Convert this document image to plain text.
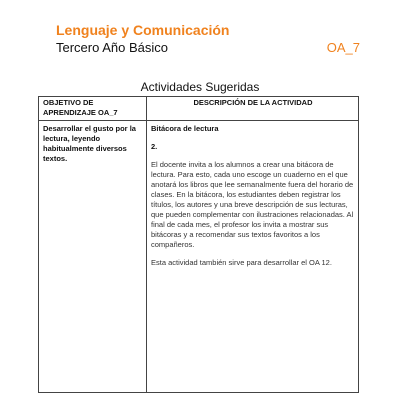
Lenguaje y Comunicación
Tercero Año Básico	OA_7
Actividades Sugeridas
OBJETIVO DE APRENDIZAJE OA_7	DESCRIPCIÓN DE LA ACTIVIDAD
Desarrollar el gusto por la lectura, leyendo habitualmente diversos textos.	Bitácora de lectura
2.
El docente invita a los alumnos a crear una bitácora de lectura. Para esto, cada uno escoge un cuaderno en el que anotará los libros que lee semanalmente fuera del horario de clases. En la bitácora, los estudiantes deben registrar los títulos, los autores y una breve descripción de sus lecturas, que pueden complementar con ilustraciones relacionadas. Al final de cada mes, el profesor los invita a mostrar sus bitácoras y a recomendar sus textos favoritos a los compañeros.
Esta actividad también sirve para desarrollar el OA 12.
